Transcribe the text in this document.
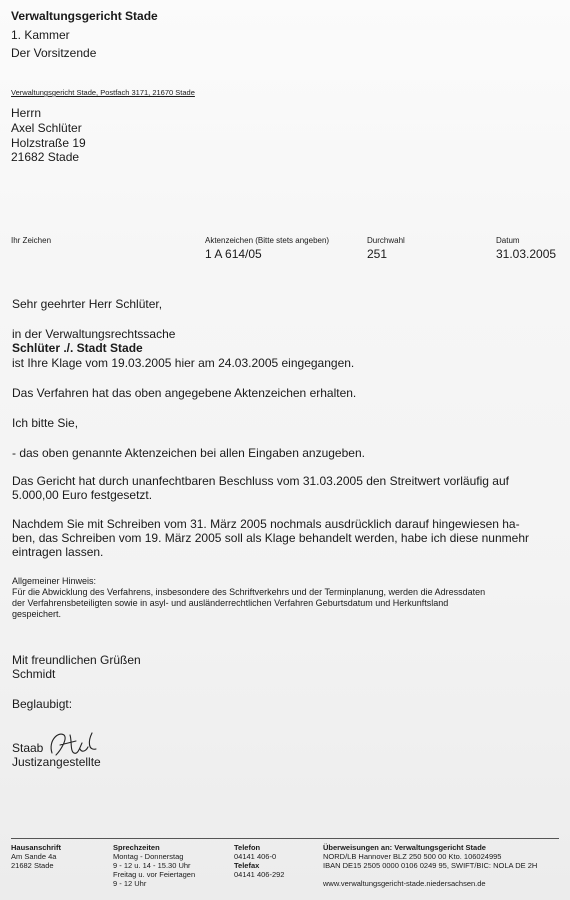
Verwaltungsgericht Stade
1. Kammer
Der Vorsitzende
Verwaltungsgericht Stade, Postfach 3171, 21670 Stade
Herrn
Axel Schlüter
Holzstraße 19
21682 Stade
Ihr Zeichen	Aktenzeichen (Bitte stets angeben)
1 A 614/05
Durchwahl
251
Datum
31.03.2005
Sehr geehrter Herr Schlüter,
in der Verwaltungsrechtssache
Schlüter ./. Stadt Stade
ist Ihre Klage vom 19.03.2005 hier am 24.03.2005 eingegangen.
Das Verfahren hat das oben angegebene Aktenzeichen erhalten.
Ich bitte Sie,
- das oben genannte Aktenzeichen bei allen Eingaben anzugeben.
Das Gericht hat durch unanfechtbaren Beschluss vom 31.03.2005 den Streitwert vorläufig auf
5.000,00 Euro festgesetzt.
Nachdem Sie mit Schreiben vom 31. März 2005 nochmals ausdrücklich darauf hingewiesen ha-
ben, das Schreiben vom 19. März 2005 soll als Klage behandelt werden, habe ich diese nunmehr
eintragen lassen.
Allgemeiner Hinweis:
Für die Abwicklung des Verfahrens, insbesondere des Schriftverkehrs und der Terminplanung, werden die Adressdaten
der Verfahrensbeteiligten sowie in asyl- und ausländerrechtlichen Verfahren Geburtsdatum und Herkunftsland
gespeichert.
Mit freundlichen Grüßen
Schmidt
Beglaubigt:
Staab
Justizangestellte
Hausanschrift
Am Sande 4a
21682 Stade
Sprechzeiten
Montag - Donnerstag
9 - 12 u. 14 - 15.30 Uhr
Freitag u. vor Feiertagen
9 - 12 Uhr
Telefon
04141 406-0
Telefax
04141 406-292
Überweisungen an: Verwaltungsgericht Stade
NORD/LB Hannover BLZ 250 500 00 Kto. 106024995
IBAN DE15 2505 0000 0106 0249 95, SWIFT/BIC: NOLA DE 2H
www.verwaltungsgericht-stade.niedersachsen.de
